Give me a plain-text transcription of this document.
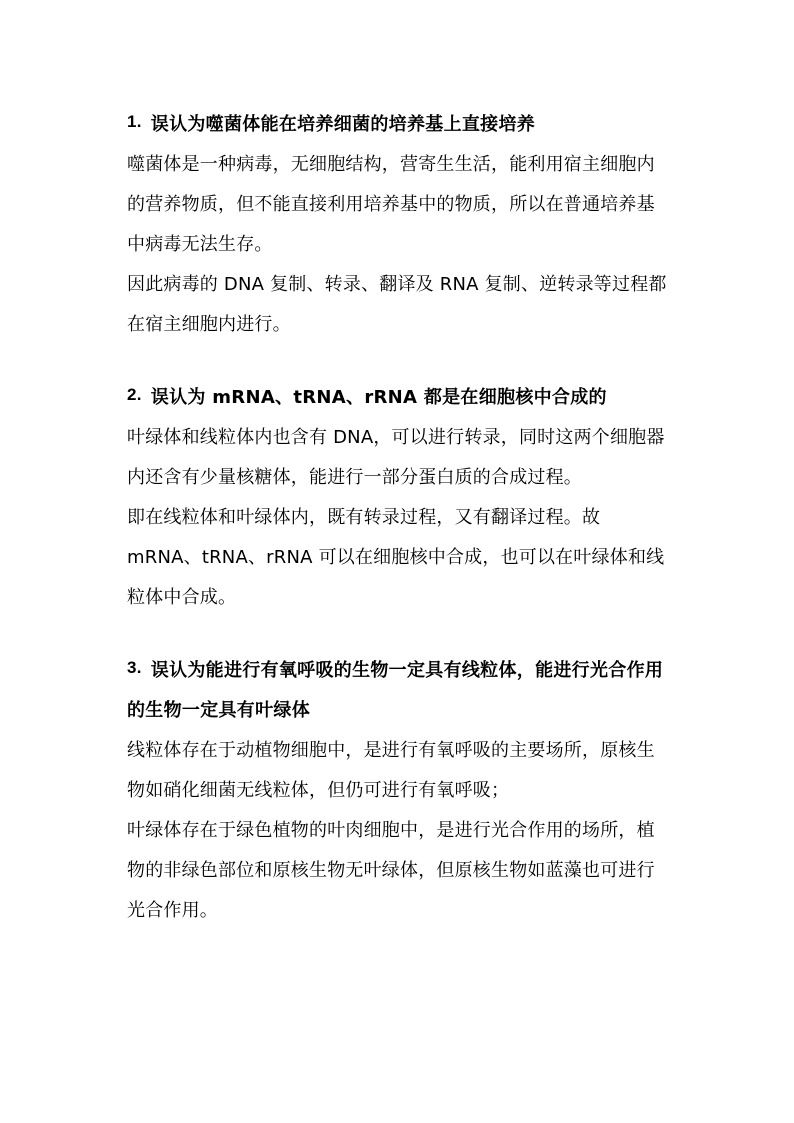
1. 误认为噬菌体能在培养细菌的培养基上直接培养

噬菌体是一种病毒，无细胞结构，营寄生生活，能利用宿主细胞内的营养物质，但不能直接利用培养基中的物质，所以在普通培养基中病毒无法生存。

因此病毒的 DNA 复制、转录、翻译及 RNA 复制、逆转录等过程都在宿主细胞内进行。

2. 误认为 mRNA、tRNA、rRNA 都是在细胞核中合成的

叶绿体和线粒体内也含有 DNA，可以进行转录，同时这两个细胞器内还含有少量核糖体，能进行一部分蛋白质的合成过程。

即在线粒体和叶绿体内，既有转录过程，又有翻译过程。故 mRNA、tRNA、rRNA 可以在细胞核中合成，也可以在叶绿体和线粒体中合成。

3. 误认为能进行有氧呼吸的生物一定具有线粒体，能进行光合作用的生物一定具有叶绿体

线粒体存在于动植物细胞中，是进行有氧呼吸的主要场所，原核生物如硝化细菌无线粒体，但仍可进行有氧呼吸；

叶绿体存在于绿色植物的叶肉细胞中，是进行光合作用的场所，植物的非绿色部位和原核生物无叶绿体，但原核生物如蓝藻也可进行光合作用。
